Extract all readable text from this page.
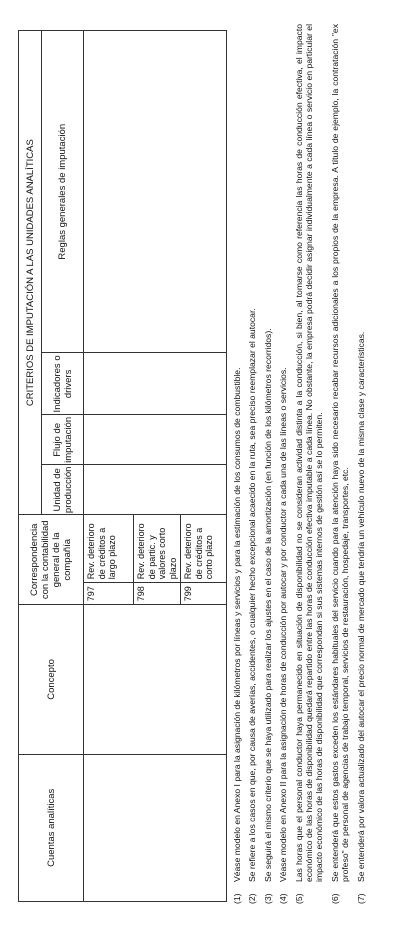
Cuentas analíticas	Concepto	Correspondencia con la contabilidad general de la compañía		CRITERIOS DE IMPUTACIÓN A LAS UNIDADES ANALÍTICAS			
				Unidad de producción	Flujo de imputación	Indicadores o drivers	Reglas generales de imputación
		797	Rev. deterioro de créditos a largo plazo				
		798	Rev. deterioro de partic. y valores corto plazo				
		799	Rev. deterioro de créditos a corto plazo				
(1)
Véase modelo en Anexo I para la asignación de kilómetros por líneas y servicios y para la estimación de los consumos de combustible.
(2)
Se refiere a los casos en que, por causa de averías, accidentes, o cualquier hecho excepcional acaecido en la ruta, sea preciso reemplazar el autocar.
(3)
Se seguirá el mismo criterio que se haya utilizado para realizar los ajustes en el caso de la amortización (en función de los kilómetros recorridos).
(4)
Véase modelo en Anexo II para la asignación de horas de conducción por autocar y por conductor a cada una de las líneas o servicios.
(5)
Las horas que el personal conductor haya permanecido en situación de disponibilidad no se consideran actividad distinta a la conducción, si bien, al tomarse como referencia las horas de conducción efectiva, el impacto económico de las horas de disponibilidad quedará repartido entre las horas de conducción efectiva imputable a cada línea. No obstante, la empresa podrá decidir asignar individualmente a cada línea o servicio en particular el impacto económico de las horas de disponibilidad que correspondan si sus sistemas internos de gestión así se lo permiten.
(6)
Se entenderá que estos gastos exceden los estándares habituales del servicio cuando para la atención haya sido necesario recabar recursos adicionales a los propios de la empresa. A título de ejemplo, la contratación "ex profeso" de personal de agencias de trabajo temporal, servicios de restauración, hospedaje, transportes, etc.
(7)
Se entenderá por valora actualizado del autocar el precio normal de mercado que tendría un vehículo nuevo de la misma clase y características.
